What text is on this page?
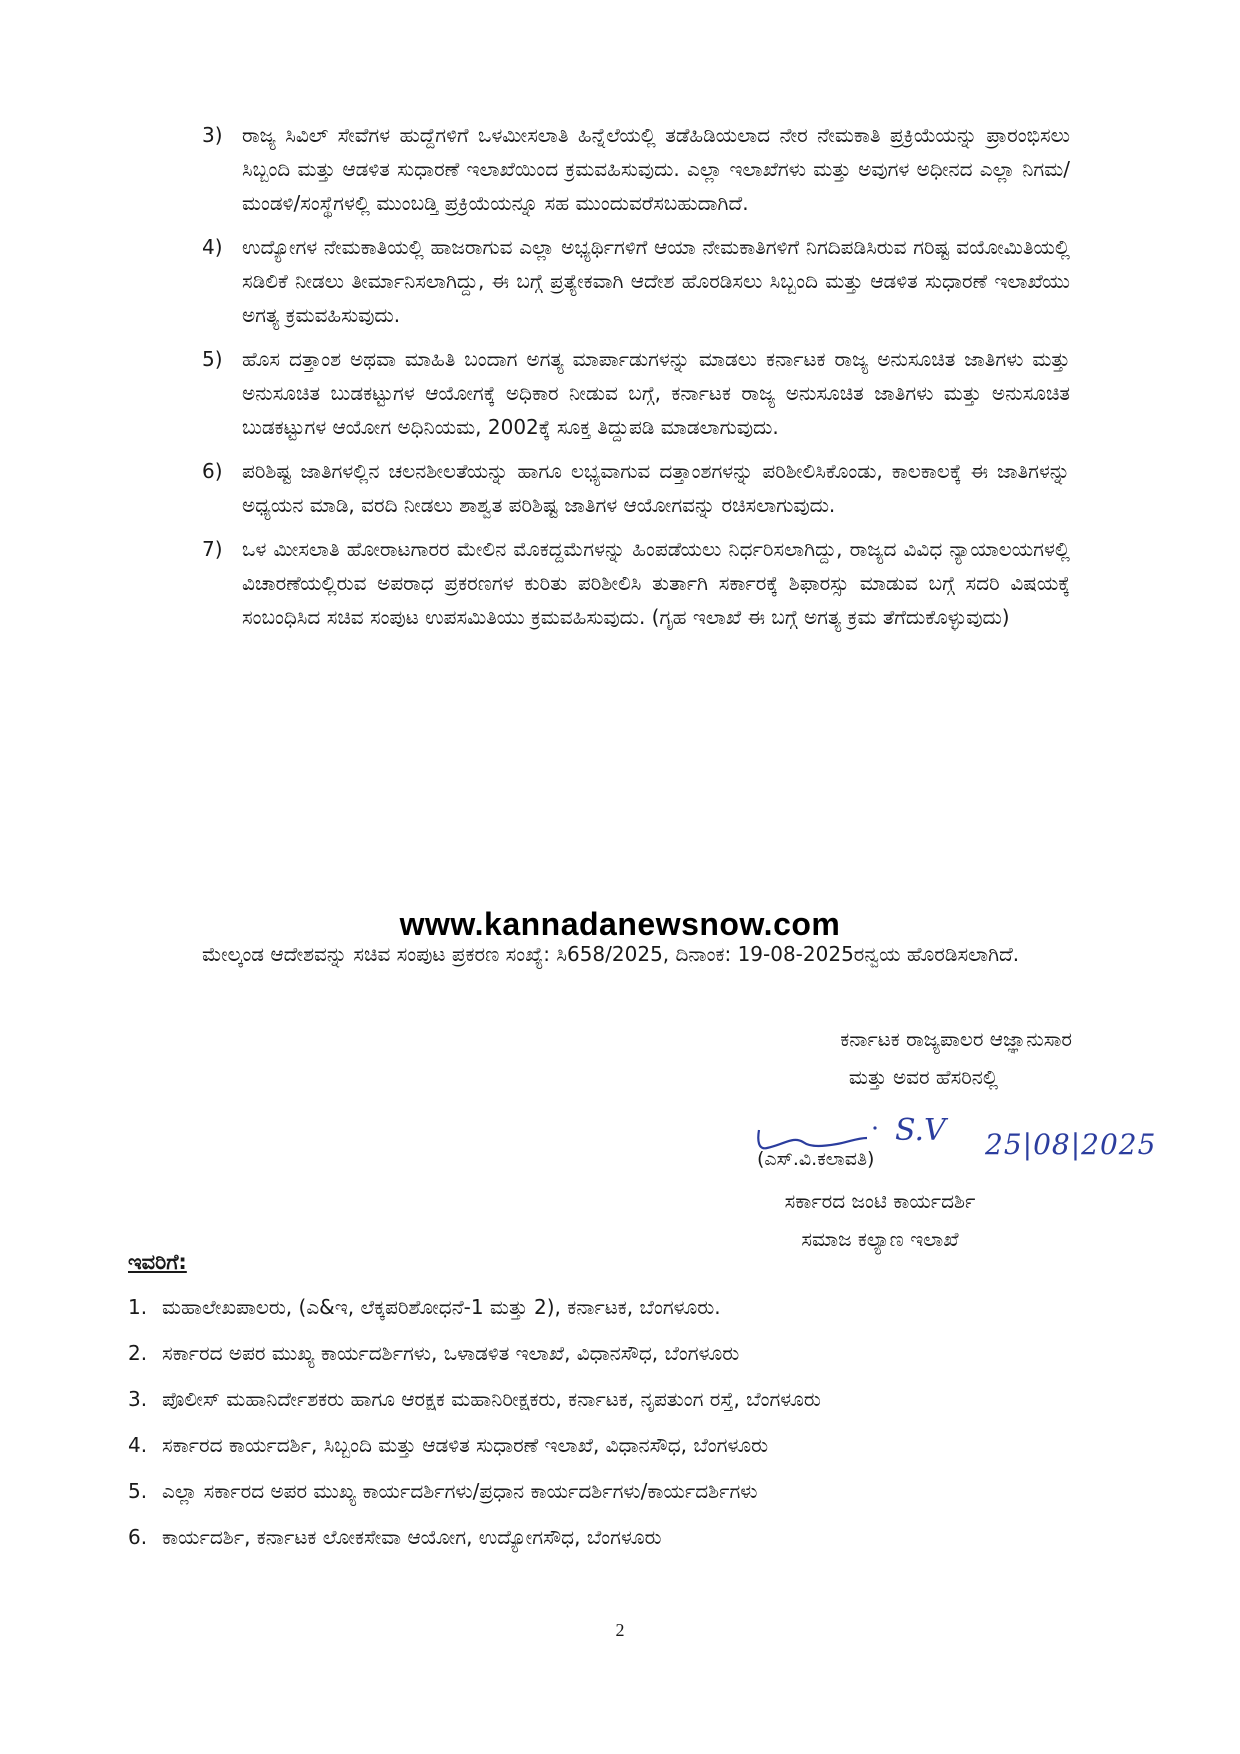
3) ರಾಜ್ಯ ಸಿವಿಲ್ ಸೇವೆಗಳ ಹುದ್ದೆಗಳಿಗೆ ಒಳಮೀಸಲಾತಿ ಹಿನ್ನೆಲೆಯಲ್ಲಿ ತಡೆಹಿಡಿಯಲಾದ ನೇರ ನೇಮಕಾತಿ ಪ್ರಕ್ರಿಯೆಯನ್ನು ಪ್ರಾರಂಭಿಸಲು ಸಿಬ್ಬಂದಿ ಮತ್ತು ಆಡಳಿತ ಸುಧಾರಣೆ ಇಲಾಖೆಯಿಂದ ಕ್ರಮವಹಿಸುವುದು. ಎಲ್ಲಾ ಇಲಾಖೆಗಳು ಮತ್ತು ಅವುಗಳ ಅಧೀನದ ಎಲ್ಲಾ ನಿಗಮ/ಮಂಡಳಿ/ಸಂಸ್ಥೆಗಳಲ್ಲಿ ಮುಂಬಡ್ತಿ ಪ್ರಕ್ರಿಯೆಯನ್ನೂ ಸಹ ಮುಂದುವರೆಸಬಹುದಾಗಿದೆ.
4) ಉದ್ಯೋಗಳ ನೇಮಕಾತಿಯಲ್ಲಿ ಹಾಜರಾಗುವ ಎಲ್ಲಾ ಅಭ್ಯರ್ಥಿಗಳಿಗೆ ಆಯಾ ನೇಮಕಾತಿಗಳಿಗೆ ನಿಗದಿಪಡಿಸಿರುವ ಗರಿಷ್ಟ ವಯೋಮಿತಿಯಲ್ಲಿ ಸಡಿಲಿಕೆ ನೀಡಲು ತೀರ್ಮಾನಿಸಲಾಗಿದ್ದು, ಈ ಬಗ್ಗೆ ಪ್ರತ್ಯೇಕವಾಗಿ ಆದೇಶ ಹೊರಡಿಸಲು ಸಿಬ್ಬಂದಿ ಮತ್ತು ಆಡಳಿತ ಸುಧಾರಣೆ ಇಲಾಖೆಯು ಅಗತ್ಯ ಕ್ರಮವಹಿಸುವುದು.
5) ಹೊಸ ದತ್ತಾಂಶ ಅಥವಾ ಮಾಹಿತಿ ಬಂದಾಗ ಅಗತ್ಯ ಮಾರ್ಪಾಡುಗಳನ್ನು ಮಾಡಲು ಕರ್ನಾಟಕ ರಾಜ್ಯ ಅನುಸೂಚಿತ ಜಾತಿಗಳು ಮತ್ತು ಅನುಸೂಚಿತ ಬುಡಕಟ್ಟುಗಳ ಆಯೋಗಕ್ಕೆ ಅಧಿಕಾರ ನೀಡುವ ಬಗ್ಗೆ, ಕರ್ನಾಟಕ ರಾಜ್ಯ ಅನುಸೂಚಿತ ಜಾತಿಗಳು ಮತ್ತು ಅನುಸೂಚಿತ ಬುಡಕಟ್ಟುಗಳ ಆಯೋಗ ಅಧಿನಿಯಮ, 2002ಕ್ಕೆ ಸೂಕ್ತ ತಿದ್ದುಪಡಿ ಮಾಡಲಾಗುವುದು.
6) ಪರಿಶಿಷ್ಟ ಜಾತಿಗಳಲ್ಲಿನ ಚಲನಶೀಲತೆಯನ್ನು ಹಾಗೂ ಲಭ್ಯವಾಗುವ ದತ್ತಾಂಶಗಳನ್ನು ಪರಿಶೀಲಿಸಿಕೊಂಡು, ಕಾಲಕಾಲಕ್ಕೆ ಈ ಜಾತಿಗಳನ್ನು ಅಧ್ಯಯನ ಮಾಡಿ, ವರದಿ ನೀಡಲು ಶಾಶ್ವತ ಪರಿಶಿಷ್ಟ ಜಾತಿಗಳ ಆಯೋಗವನ್ನು ರಚಿಸಲಾಗುವುದು.
7) ಒಳ ಮೀಸಲಾತಿ ಹೋರಾಟಗಾರರ ಮೇಲಿನ ಮೊಕದ್ದಮೆಗಳನ್ನು ಹಿಂಪಡೆಯಲು ನಿರ್ಧರಿಸಲಾಗಿದ್ದು, ರಾಜ್ಯದ ವಿವಿಧ ನ್ಯಾಯಾಲಯಗಳಲ್ಲಿ ವಿಚಾರಣೆಯಲ್ಲಿರುವ ಅಪರಾಧ ಪ್ರಕರಣಗಳ ಕುರಿತು ಪರಿಶೀಲಿಸಿ ತುರ್ತಾಗಿ ಸರ್ಕಾರಕ್ಕೆ ಶಿಫಾರಸ್ಸು ಮಾಡುವ ಬಗ್ಗೆ ಸದರಿ ವಿಷಯಕ್ಕೆ ಸಂಬಂಧಿಸಿದ ಸಚಿವ ಸಂಪುಟ ಉಪಸಮಿತಿಯು ಕ್ರಮವಹಿಸುವುದು. (ಗೃಹ ಇಲಾಖೆ ಈ ಬಗ್ಗೆ ಅಗತ್ಯ ಕ್ರಮ ತೆಗೆದುಕೊಳ್ಳುವುದು)
www.kannadanewsnow.com
ಮೇಲ್ಕಂಡ ಆದೇಶವನ್ನು ಸಚಿವ ಸಂಪುಟ ಪ್ರಕರಣ ಸಂಖ್ಯೆ: ಸಿ658/2025, ದಿನಾಂಕ: 19-08-2025ರನ್ವಯ ಹೊರಡಿಸಲಾಗಿದೆ.
ಕರ್ನಾಟಕ ರಾಜ್ಯಪಾಲರ ಆಜ್ಞಾನುಸಾರ
ಮತ್ತು ಅವರ ಹೆಸರಿನಲ್ಲಿ
S.V 25|08|2025
(ಎಸ್.ವಿ.ಕಲಾವತಿ)
ಸರ್ಕಾರದ ಜಂಟಿ ಕಾರ್ಯದರ್ಶಿ
ಸಮಾಜ ಕಲ್ಯಾಣ ಇಲಾಖೆ
ಇವರಿಗೆ:
1. ಮಹಾಲೇಖಪಾಲರು, (ಎ&ಇ, ಲೆಕ್ಕಪರಿಶೋಧನೆ-1 ಮತ್ತು 2), ಕರ್ನಾಟಕ, ಬೆಂಗಳೂರು.
2. ಸರ್ಕಾರದ ಅಪರ ಮುಖ್ಯ ಕಾರ್ಯದರ್ಶಿಗಳು, ಒಳಾಡಳಿತ ಇಲಾಖೆ, ವಿಧಾನಸೌಧ, ಬೆಂಗಳೂರು
3. ಪೊಲೀಸ್ ಮಹಾನಿರ್ದೇಶಕರು ಹಾಗೂ ಆರಕ್ಷಕ ಮಹಾನಿರೀಕ್ಷಕರು, ಕರ್ನಾಟಕ, ನೃಪತುಂಗ ರಸ್ತೆ, ಬೆಂಗಳೂರು
4. ಸರ್ಕಾರದ ಕಾರ್ಯದರ್ಶಿ, ಸಿಬ್ಬಂದಿ ಮತ್ತು ಆಡಳಿತ ಸುಧಾರಣೆ ಇಲಾಖೆ, ವಿಧಾನಸೌಧ, ಬೆಂಗಳೂರು
5. ಎಲ್ಲಾ ಸರ್ಕಾರದ ಅಪರ ಮುಖ್ಯ ಕಾರ್ಯದರ್ಶಿಗಳು/ಪ್ರಧಾನ ಕಾರ್ಯದರ್ಶಿಗಳು/ಕಾರ್ಯದರ್ಶಿಗಳು
6. ಕಾರ್ಯದರ್ಶಿ, ಕರ್ನಾಟಕ ಲೋಕಸೇವಾ ಆಯೋಗ, ಉದ್ಯೋಗಸೌಧ, ಬೆಂಗಳೂರು
2
